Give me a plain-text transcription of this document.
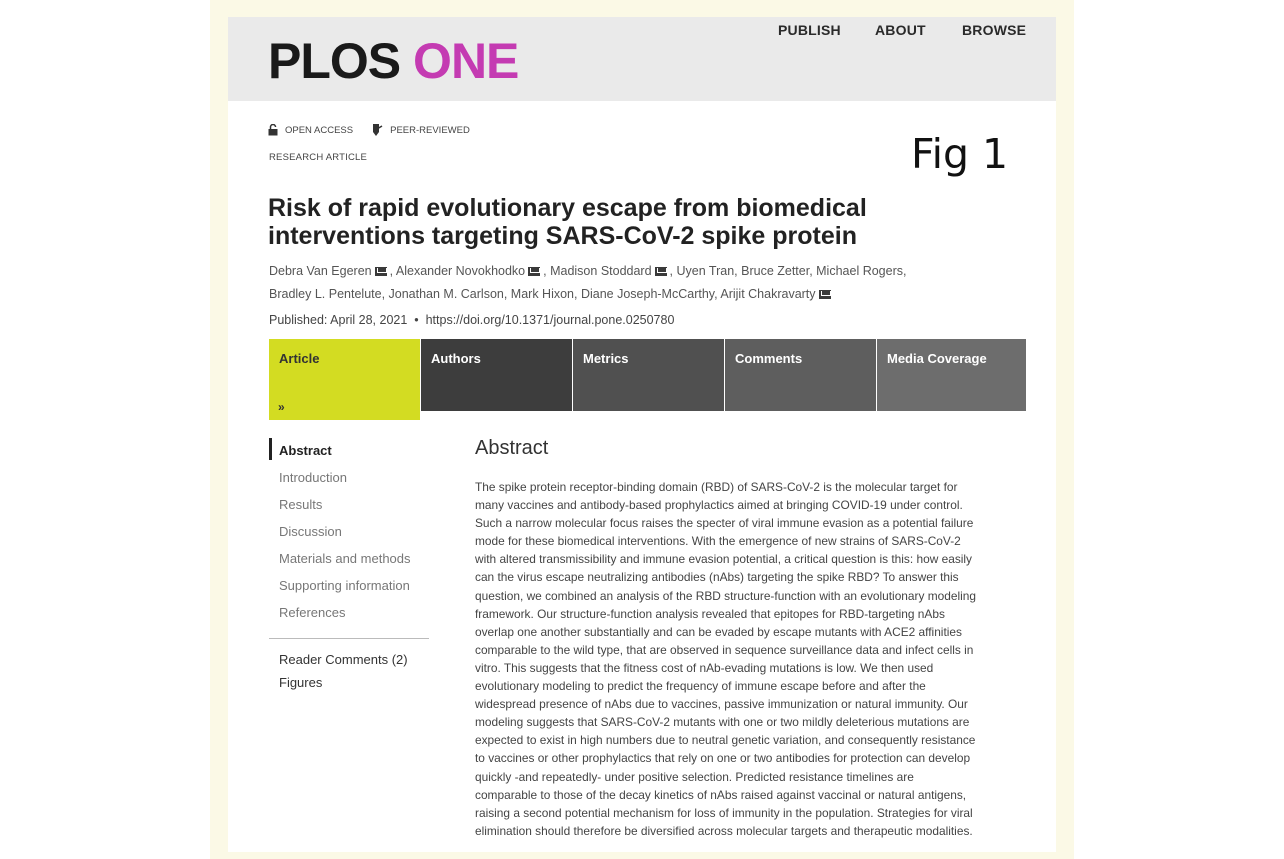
PLOS ONE
PUBLISH ABOUT	BROWSE
OPEN ACCESS	PEER-REVIEWED
RESEARCH ARTICLE	Fig 1
Risk of rapid evolutionary escape from biomedical
interventions targeting SARS-CoV-2 spike protein
Debra Van Egeren , Alexander Novokhodko , Madison Stoddard , Uyen Tran, Bruce Zetter, Michael Rogers,
Bradley L. Pentelute, Jonathan M. Carlson, Mark Hixon, Diane Joseph-McCarthy, Arijit Chakravarty
Published: April 28, 2021  •  https://doi.org/10.1371/journal.pone.0250780
Article
»
Authors	Metrics	Comments	Media Coverage
Abstract
Introduction
Results
Discussion
Materials and methods
Supporting information
References
Reader Comments (2)
Figures
Abstract
The spike protein receptor-binding domain (RBD) of SARS-CoV-2 is the molecular target for
many vaccines and antibody-based prophylactics aimed at bringing COVID-19 under control.
Such a narrow molecular focus raises the specter of viral immune evasion as a potential failure
mode for these biomedical interventions. With the emergence of new strains of SARS-CoV-2
with altered transmissibility and immune evasion potential, a critical question is this: how easily
can the virus escape neutralizing antibodies (nAbs) targeting the spike RBD? To answer this
question, we combined an analysis of the RBD structure-function with an evolutionary modeling
framework. Our structure-function analysis revealed that epitopes for RBD-targeting nAbs
overlap one another substantially and can be evaded by escape mutants with ACE2 affinities
comparable to the wild type, that are observed in sequence surveillance data and infect cells in
vitro. This suggests that the fitness cost of nAb-evading mutations is low. We then used
evolutionary modeling to predict the frequency of immune escape before and after the
widespread presence of nAbs due to vaccines, passive immunization or natural immunity. Our
modeling suggests that SARS-CoV-2 mutants with one or two mildly deleterious mutations are
expected to exist in high numbers due to neutral genetic variation, and consequently resistance
to vaccines or other prophylactics that rely on one or two antibodies for protection can develop
quickly -and repeatedly- under positive selection. Predicted resistance timelines are
comparable to those of the decay kinetics of nAbs raised against vaccinal or natural antigens,
raising a second potential mechanism for loss of immunity in the population. Strategies for viral
elimination should therefore be diversified across molecular targets and therapeutic modalities.
